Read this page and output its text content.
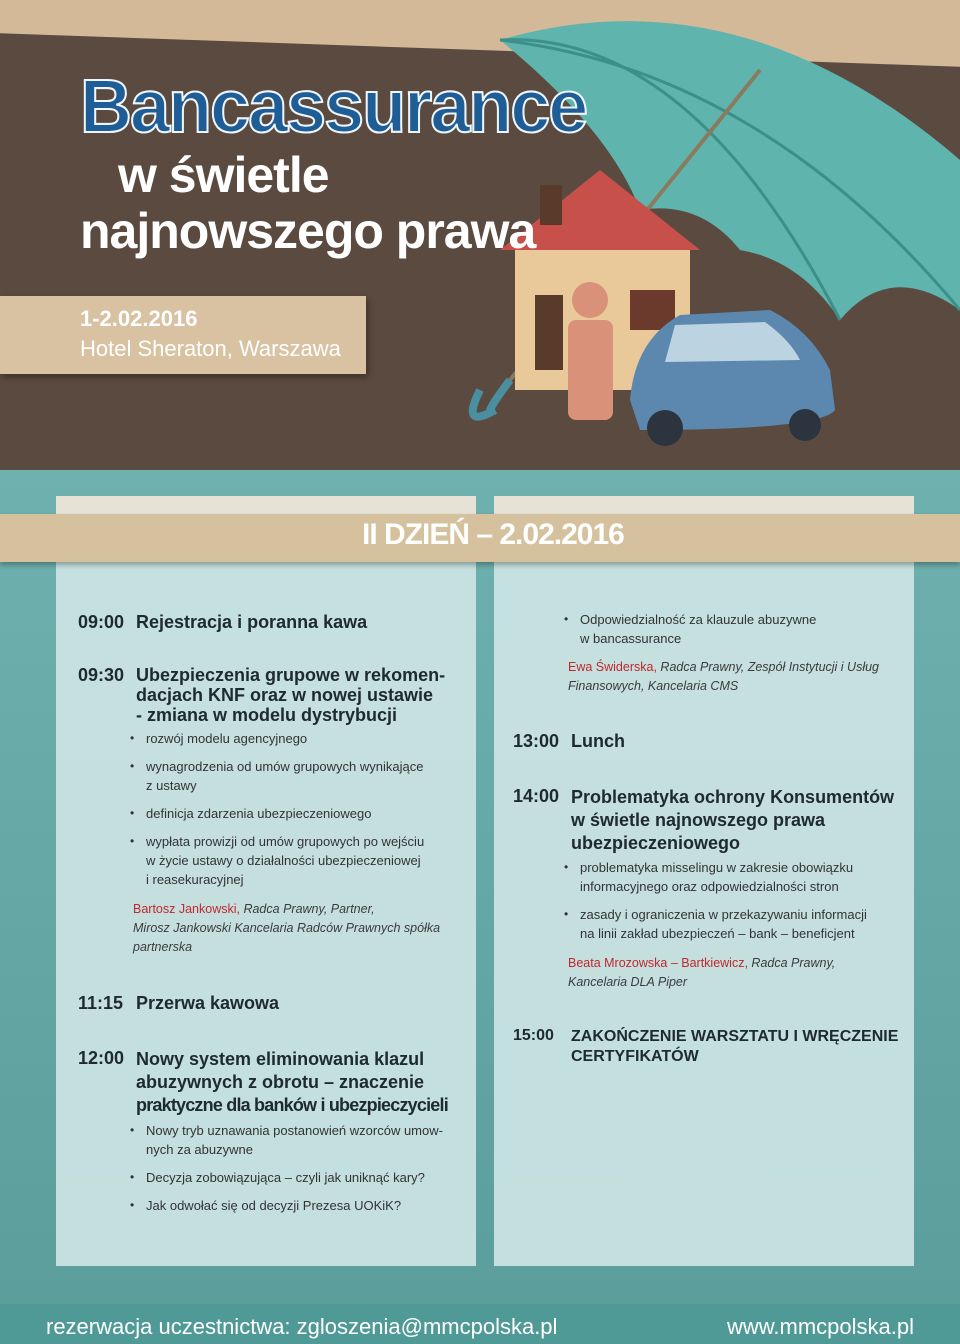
Bancassurance
w świetle
najnowszego prawa
1-2.02.2016
Hotel Sheraton, Warszawa
II DZIEŃ – 2.02.2016
09:00 Rejestracja i poranna kawa
09:30 Ubezpieczenia grupowe w rekomen-
dacjach KNF oraz w nowej ustawie
- zmiana w modelu dystrybucji
• rozwój modelu agencyjnego
• wynagrodzenia od umów grupowych wynikające
z ustawy
• definicja zdarzenia ubezpieczeniowego
• wypłata prowizji od umów grupowych po wejściu
w życie ustawy o działalności ubezpieczeniowej
i reasekuracyjnej
Bartosz Jankowski, Radca Prawny, Partner,
Mirosz Jankowski Kancelaria Radców Prawnych spółka
partnerska
11:15 Przerwa kawowa
12:00 Nowy system eliminowania klazul
abuzywnych z obrotu – znaczenie
praktyczne dla banków i ubezpieczycieli
• Nowy tryb uznawania postanowień wzorców umow-
nych za abuzywne
• Decyzja zobowiązująca – czyli jak uniknąć kary?
• Jak odwołać się od decyzji Prezesa UOKiK?
• Odpowiedzialność za klauzule abuzywne
w bancassurance
Ewa Świderska, Radca Prawny, Zespół Instytucji i Usług
Finansowych, Kancelaria CMS
13:00 Lunch
14:00 Problematyka ochrony Konsumentów
w świetle najnowszego prawa
ubezpieczeniowego
• problematyka misselingu w zakresie obowiązku
informacyjnego oraz odpowiedzialności stron
• zasady i ograniczenia w przekazywaniu informacji
na linii zakład ubezpieczeń – bank – beneficjent
Beata Mrozowska – Bartkiewicz, Radca Prawny,
Kancelaria DLA Piper
15:00 ZAKOŃCZENIE WARSZTATU I WRĘCZENIE
CERTYFIKATÓW
rezerwacja uczestnictwa: zgloszenia@mmcpolska.pl	www.mmcpolska.pl
